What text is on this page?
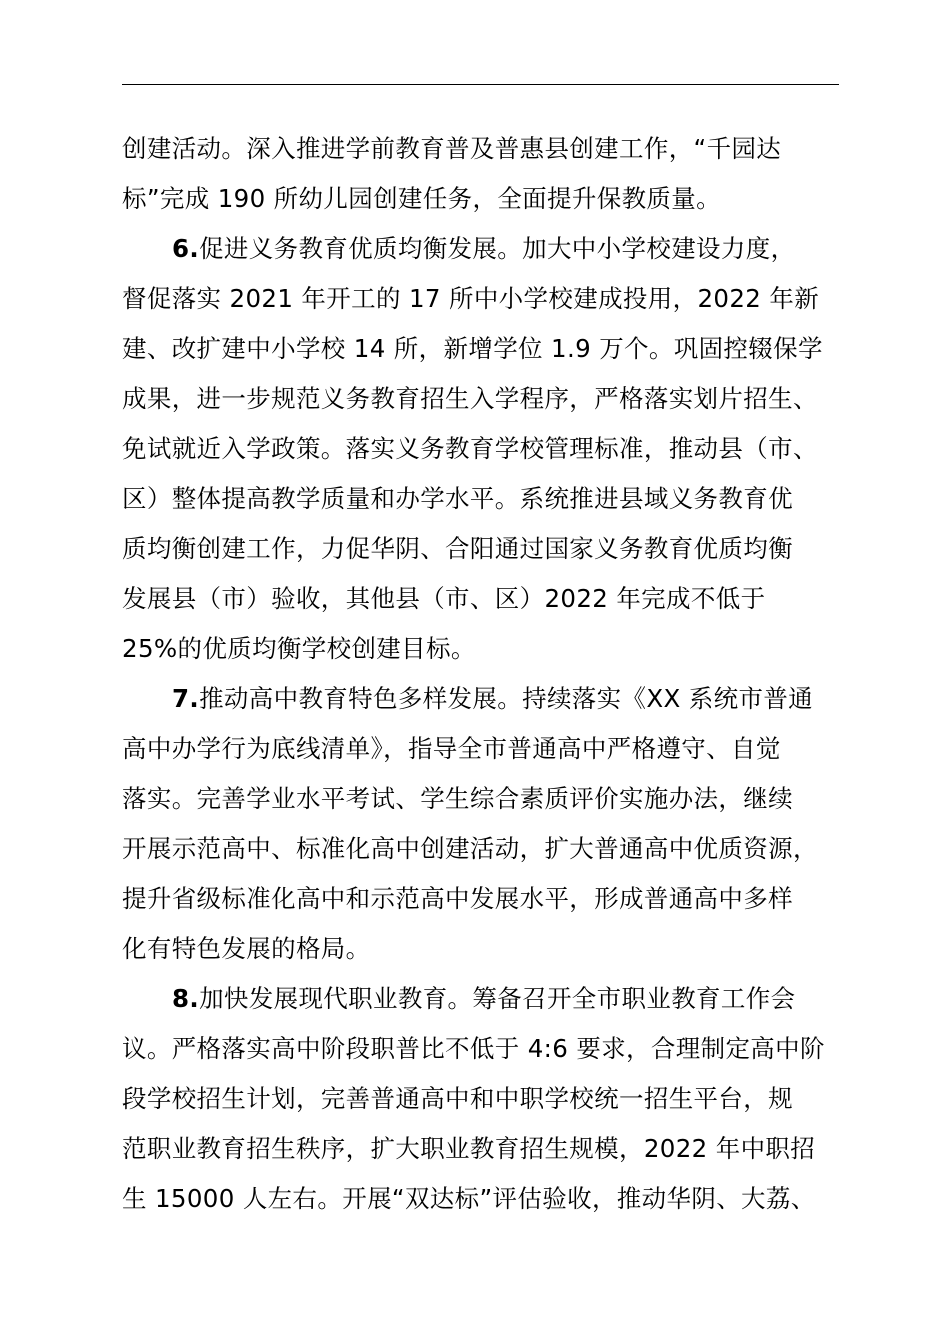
创建活动。深入推进学前教育普及普惠县创建工作，“千园达
标”完成 190 所幼儿园创建任务，全面提升保教质量。
6.促进义务教育优质均衡发展。加大中小学校建设力度，
督促落实 2021 年开工的 17 所中小学校建成投用，2022 年新
建、改扩建中小学校 14 所，新增学位 1.9 万个。巩固控辍保学
成果，进一步规范义务教育招生入学程序，严格落实划片招生、
免试就近入学政策。落实义务教育学校管理标准，推动县（市、
区）整体提高教学质量和办学水平。系统推进县域义务教育优
质均衡创建工作，力促华阴、合阳通过国家义务教育优质均衡
发展县（市）验收，其他县（市、区）2022 年完成不低于
25%的优质均衡学校创建目标。
7.推动高中教育特色多样发展。持续落实《XX 系统市普通
高中办学行为底线清单》，指导全市普通高中严格遵守、自觉
落实。完善学业水平考试、学生综合素质评价实施办法，继续
开展示范高中、标准化高中创建活动，扩大普通高中优质资源，
提升省级标准化高中和示范高中发展水平，形成普通高中多样
化有特色发展的格局。
8.加快发展现代职业教育。筹备召开全市职业教育工作会
议。严格落实高中阶段职普比不低于 4:6 要求，合理制定高中阶
段学校招生计划，完善普通高中和中职学校统一招生平台，规
范职业教育招生秩序，扩大职业教育招生规模，2022 年中职招
生 15000 人左右。开展“双达标”评估验收，推动华阴、大荔、
